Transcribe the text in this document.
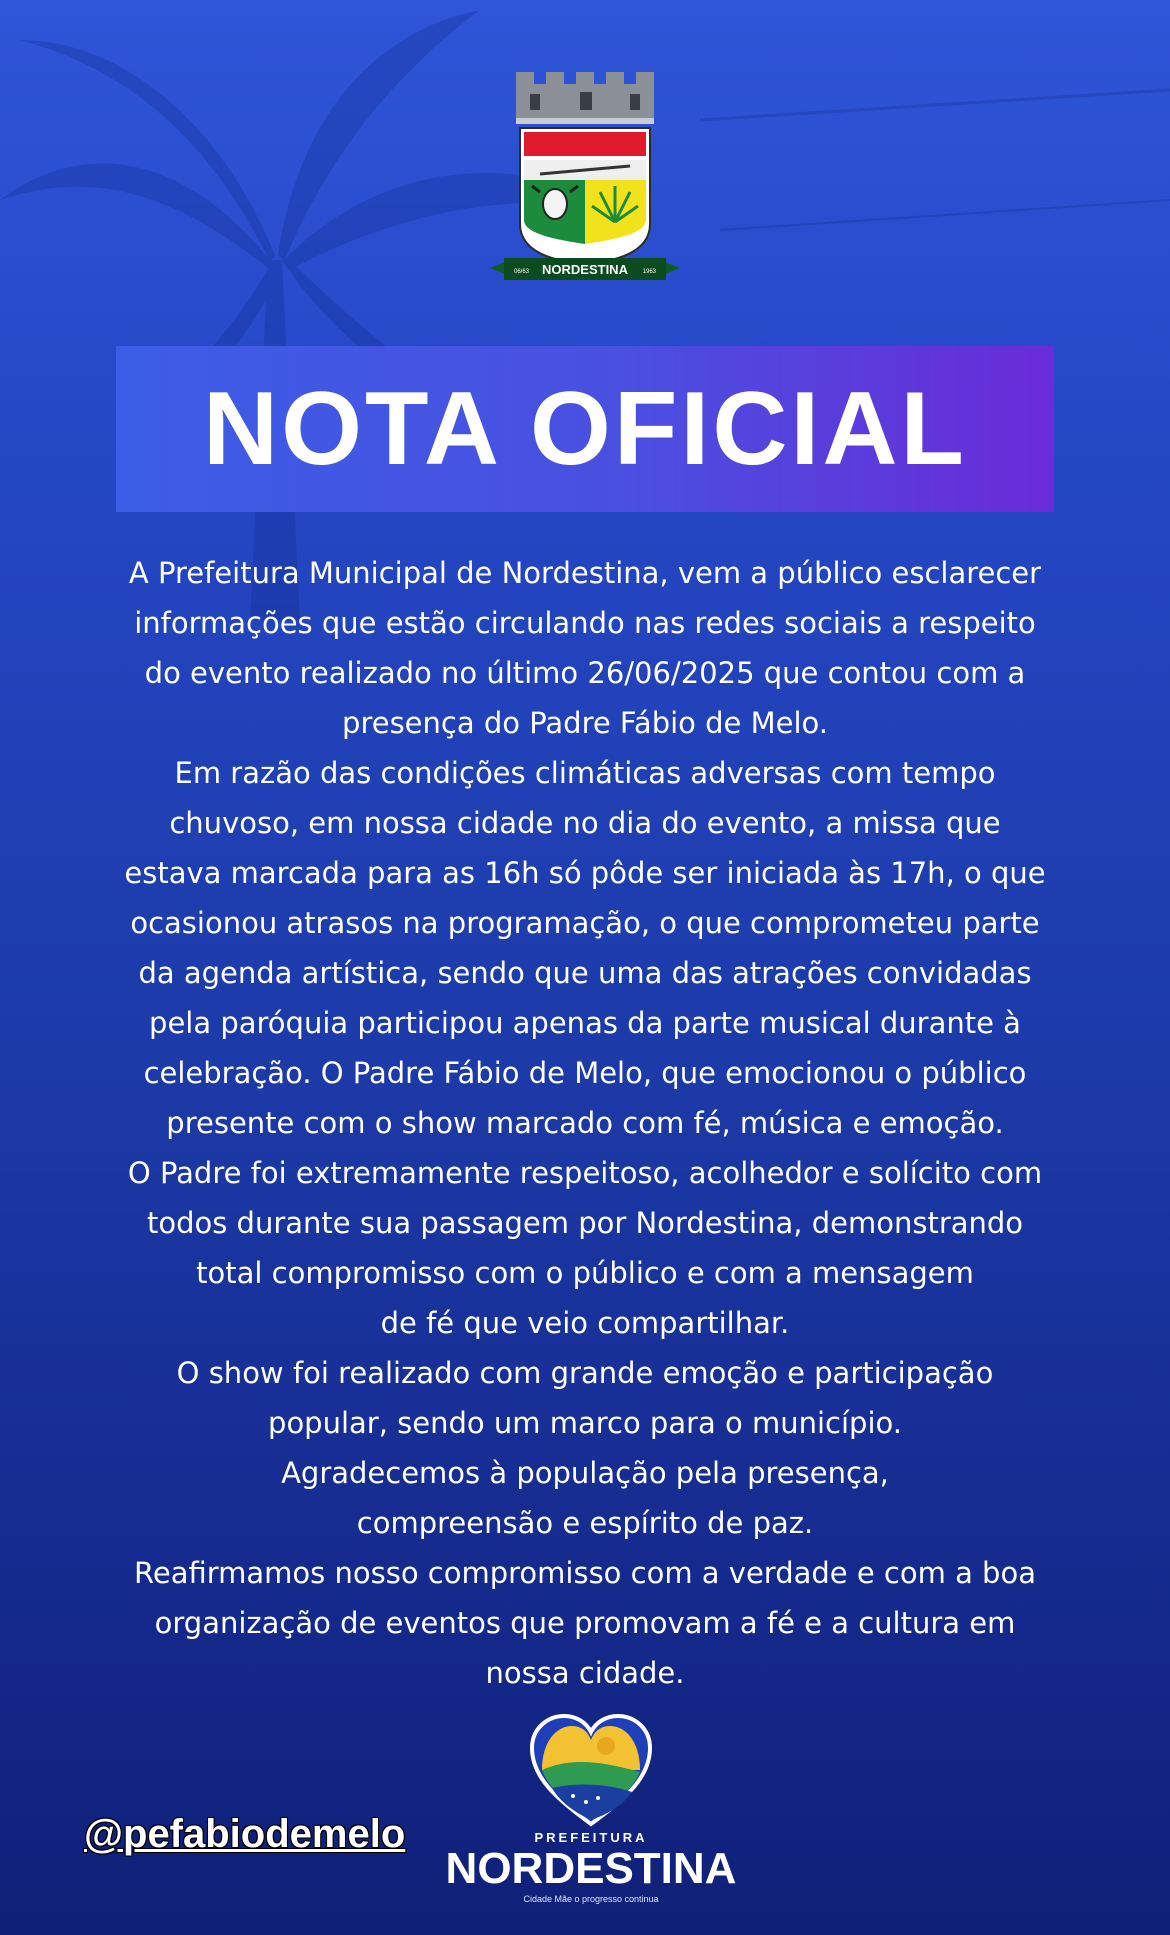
NORDESTINA
06/63	1963
NOTA OFICIAL
A Prefeitura Municipal de Nordestina, vem a público esclarecer
informações que estão circulando nas redes sociais a respeito
do evento realizado no último 26/06/2025 que contou com a
presença do Padre Fábio de Melo.
Em razão das condições climáticas adversas com tempo
chuvoso, em nossa cidade no dia do evento, a missa que
estava marcada para as 16h só pôde ser iniciada às 17h, o que
ocasionou atrasos na programação, o que comprometeu parte
da agenda artística, sendo que uma das atrações convidadas
pela paróquia participou apenas da parte musical durante à
celebração. O Padre Fábio de Melo, que emocionou o público
presente com o show marcado com fé, música e emoção.
O Padre foi extremamente respeitoso, acolhedor e solícito com
todos durante sua passagem por Nordestina, demonstrando
total compromisso com o público e com a mensagem
de fé que veio compartilhar.
O show foi realizado com grande emoção e participação
popular, sendo um marco para o município.
Agradecemos à população pela presença,
compreensão e espírito de paz.
Reafirmamos nosso compromisso com a verdade e com a boa
organização de eventos que promovam a fé e a cultura em
nossa cidade.
@pefabiodemelo	PREFEITURA
NORDESTINA
Cidade Mãe o progresso continua
